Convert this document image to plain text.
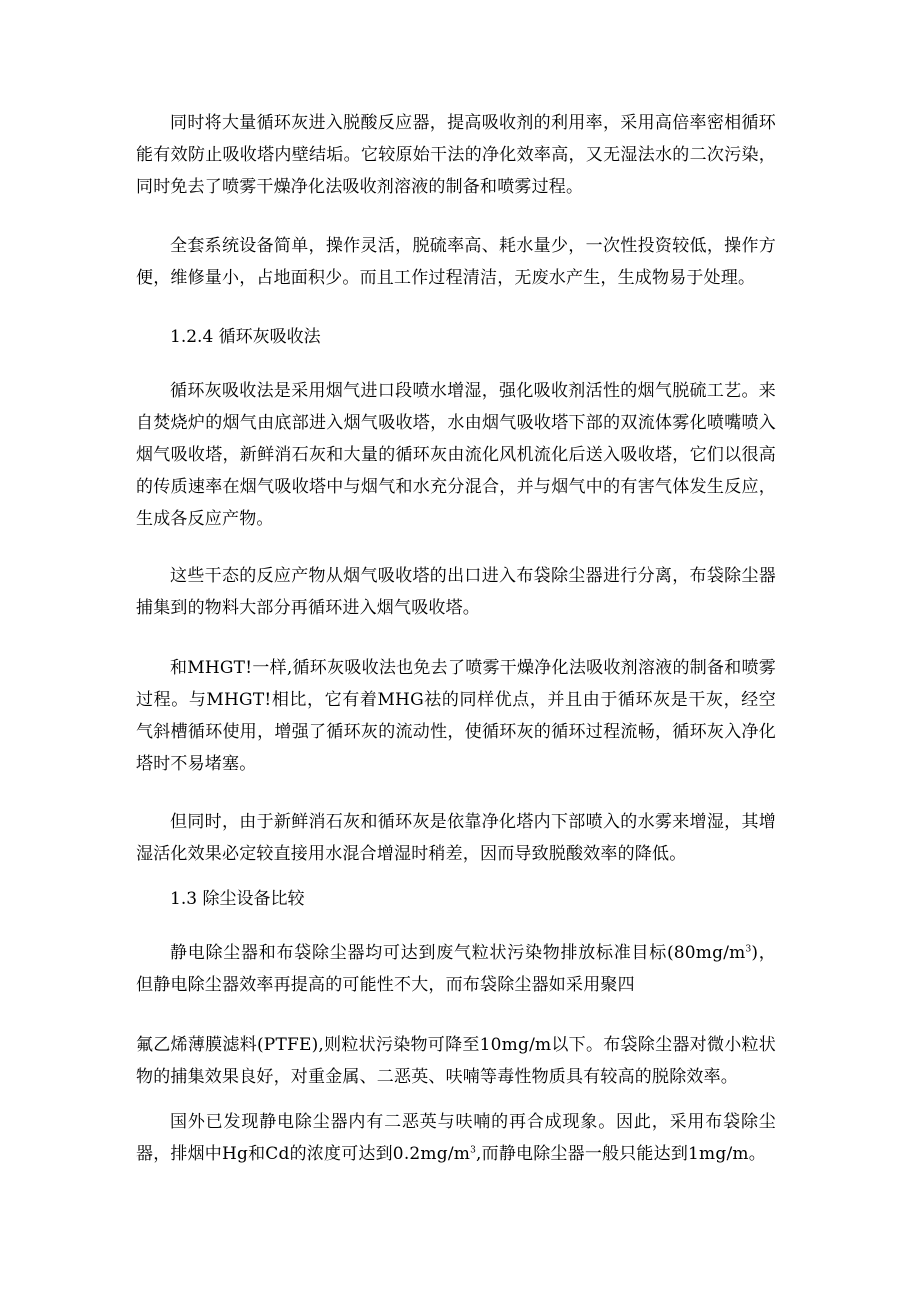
同时将大量循环灰进入脱酸反应器，提高吸收剂的利用率，采用高倍率密相循环能有效防止吸收塔内壁结垢。它较原始干法的净化效率高，又无湿法水的二次污染，同时免去了喷雾干燥净化法吸收剂溶液的制备和喷雾过程。

全套系统设备简单，操作灵活，脱硫率高、耗水量少，一次性投资较低，操作方便，维修量小，占地面积少。而且工作过程清洁，无废水产生，生成物易于处理。

1.2.4 循环灰吸收法

循环灰吸收法是采用烟气进口段喷水增湿，强化吸收剂活性的烟气脱硫工艺。来自焚烧炉的烟气由底部进入烟气吸收塔，水由烟气吸收塔下部的双流体雾化喷嘴喷入烟气吸收塔，新鲜消石灰和大量的循环灰由流化风机流化后送入吸收塔，它们以很高的传质速率在烟气吸收塔中与烟气和水充分混合，并与烟气中的有害气体发生反应，生成各反应产物。

这些干态的反应产物从烟气吸收塔的出口进入布袋除尘器进行分离，布袋除尘器捕集到的物料大部分再循环进入烟气吸收塔。

和MHGT!一样,循环灰吸收法也免去了喷雾干燥净化法吸收剂溶液的制备和喷雾过程。与MHGT!相比，它有着MHG祛的同样优点，并且由于循环灰是干灰，经空气斜槽循环使用，增强了循环灰的流动性，使循环灰的循环过程流畅，循环灰入净化塔时不易堵塞。

但同时，由于新鲜消石灰和循环灰是依靠净化塔内下部喷入的水雾来增湿，其增湿活化效果必定较直接用水混合增湿时稍差，因而导致脱酸效率的降低。

1.3 除尘设备比较

静电除尘器和布袋除尘器均可达到废气粒状污染物排放标准目标$(80mg/m^3)$，但静电除尘器效率再提高的可能性不大，而布袋除尘器如采用聚四

氟乙烯薄膜滤料(PTFE),则粒状污染物可降至10mg/m以下。布袋除尘器对微小粒状物的捕集效果良好，对重金属、二恶英、呋喃等毒性物质具有较高的脱除效率。

国外已发现静电除尘器内有二恶英与呋喃的再合成现象。因此，采用布袋除尘器，排烟中Hg和Cd的浓度可达到$0.2mg/m^3$,而静电除尘器一般只能达到1mg/m。
